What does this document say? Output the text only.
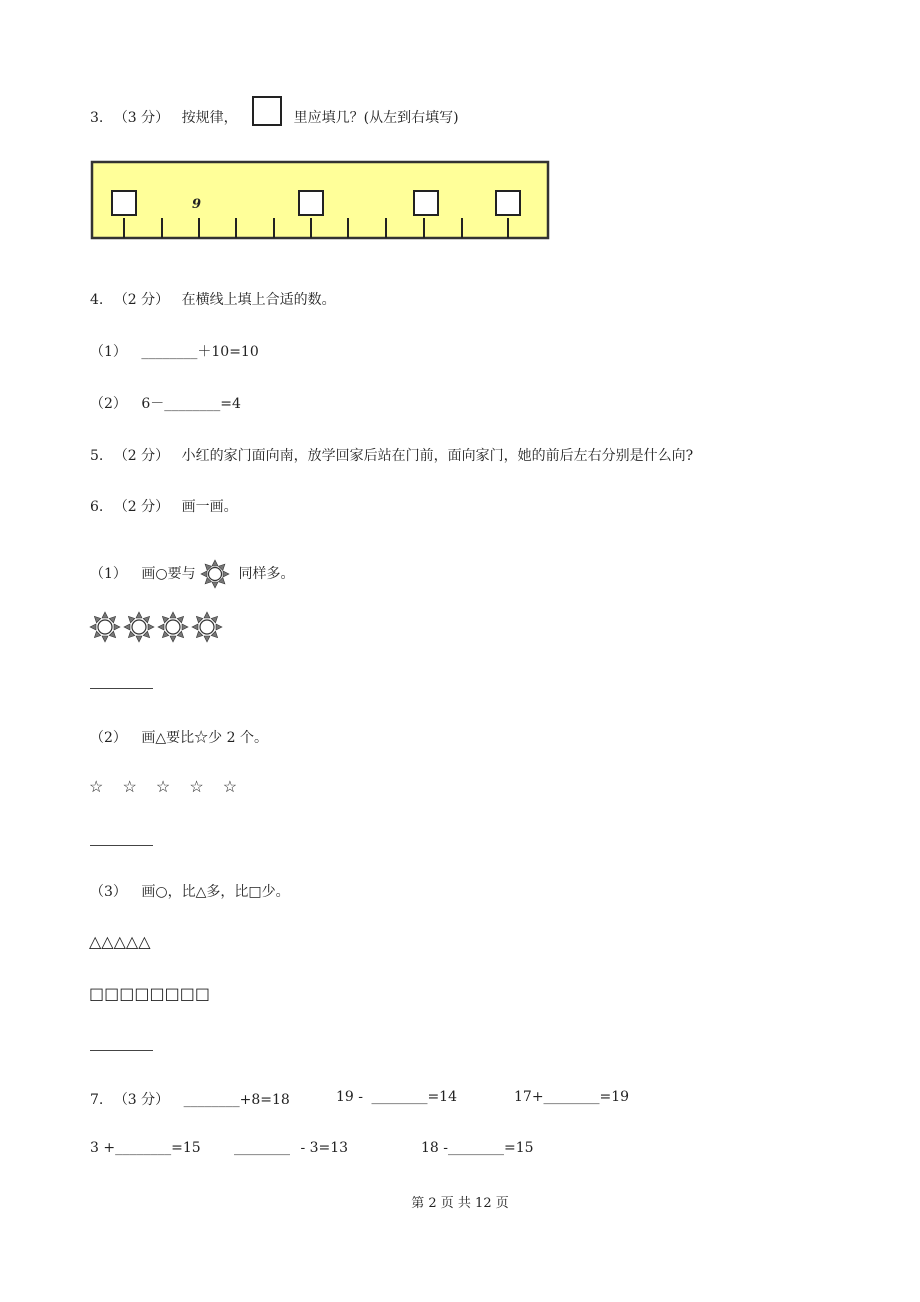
3. （3 分） 按规律，	里应填几？(从左到右填写)
9
4. （2 分） 在横线上填上合适的数。
（1） ________＋10=10
（2） 6－________=4
5. （2 分） 小红的家门面向南，放学回家后站在门前，面向家门，她的前后左右分别是什么向?
6. （2 分） 画一画。
（1） 画○要与	同样多。
（2） 画△要比☆少 2 个。
☆ ☆ ☆ ☆ ☆
（3） 画○，比△多，比□少。
△△△△△
□□□□□□□□
7. （3 分） ________+8=18	19 - ________=14	17+________=19
3 +________=15 ________ - 3=13	18 -________=15
第 2 页 共 12 页
